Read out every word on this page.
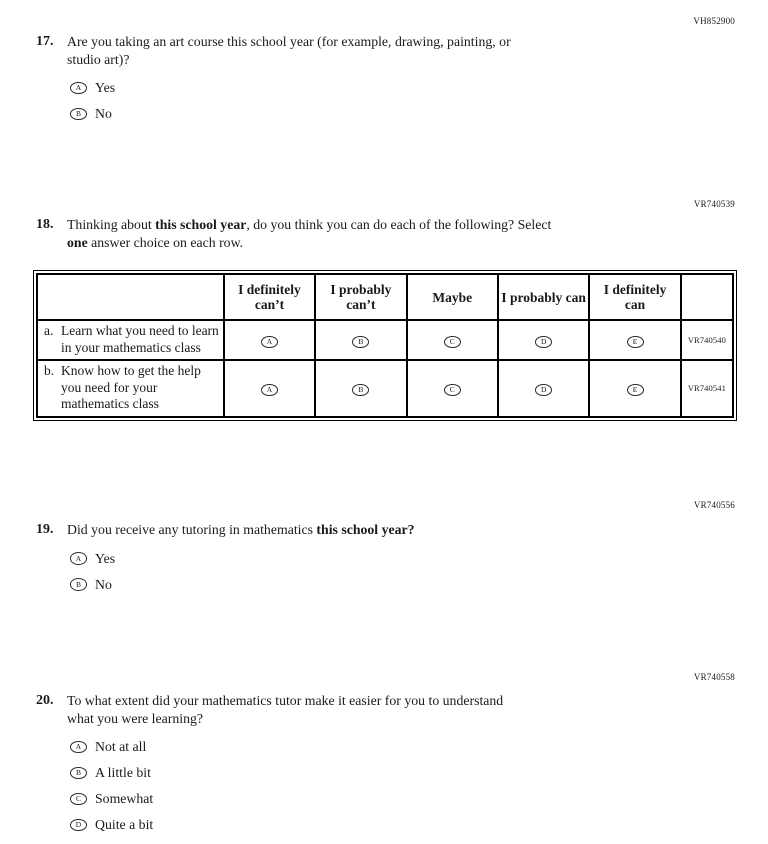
VH852900
VR740539
VR740556
VR740558
17. Are you taking an art course this school year (for example, drawing, painting, or
studio art)?
A Yes
B	No
18. Thinking about this school year, do you think you can do each of the following? Select
one answer choice on each row.
	I definitely can’t	I probably can’t	Maybe	I probably can	I definitely can	

a. Learn what you need to learn in your mathematics class	A	B	C	D	E	VR740540

b. Know how to get the help you need for your mathematics class	A	B	C	D	E	VR740541
19. Did you receive any tutoring in mathematics this school year?
A Yes
B	No
20. To what extent did your mathematics tutor make it easier for you to understand
what you were learning?
A Not at all
B	A little bit
C	Somewhat
D Quite a bit
